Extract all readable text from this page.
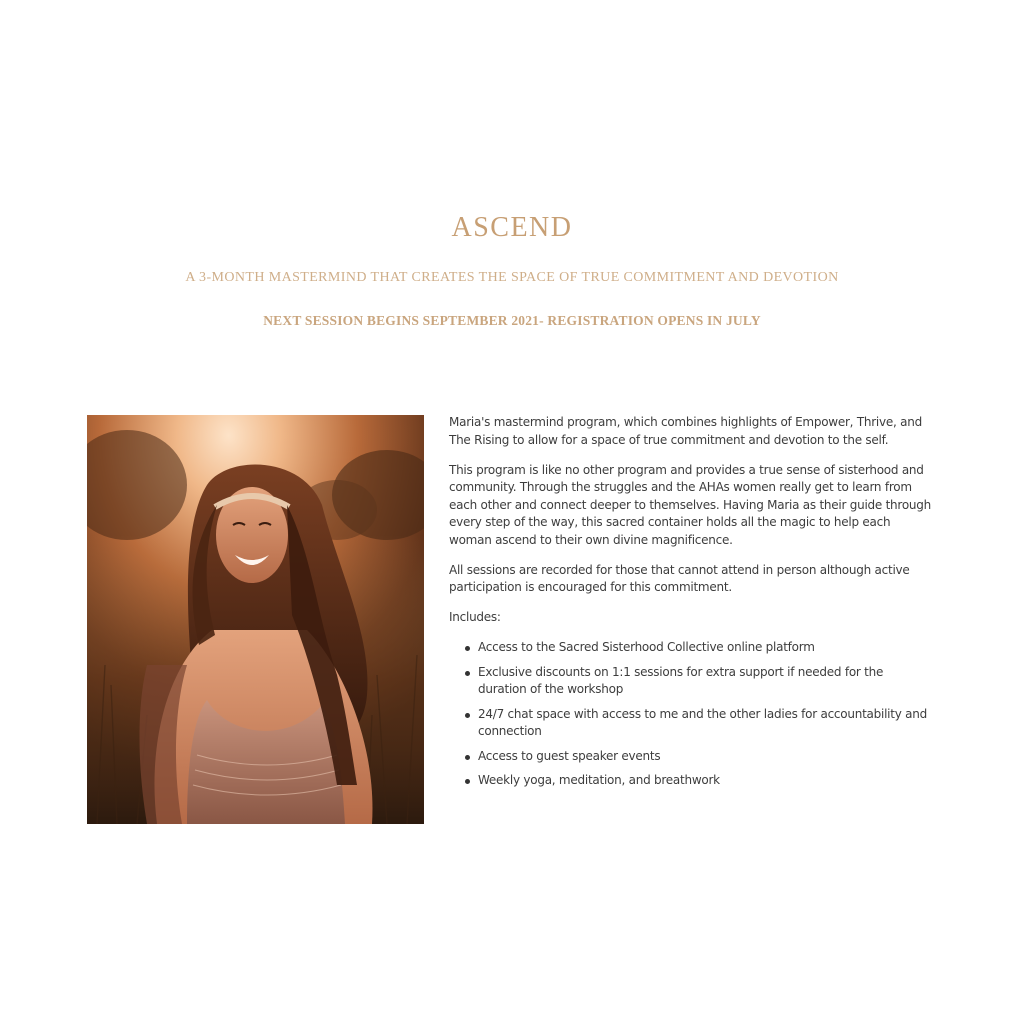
ASCEND

A 3-MONTH MASTERMIND THAT CREATES THE SPACE OF TRUE COMMITMENT AND DEVOTION

NEXT SESSION BEGINS SEPTEMBER 2021- REGISTRATION OPENS IN JULY

Maria's mastermind program, which combines highlights of Empower, Thrive, and The Rising to allow for a space of true commitment and devotion to the self.

This program is like no other program and provides a true sense of sisterhood and community. Through the struggles and the AHAs women really get to learn from each other and connect deeper to themselves. Having Maria as their guide through every step of the way, this sacred container holds all the magic to help each woman ascend to their own divine magnificence.

All sessions are recorded for those that cannot attend in person although active participation is encouraged for this commitment.

Includes:

Access to the Sacred Sisterhood Collective online platform
Exclusive discounts on 1:1 sessions for extra support if needed for the duration of the workshop
24/7 chat space with access to me and the other ladies for accountability and connection
Access to guest speaker events
Weekly yoga, meditation, and breathwork
